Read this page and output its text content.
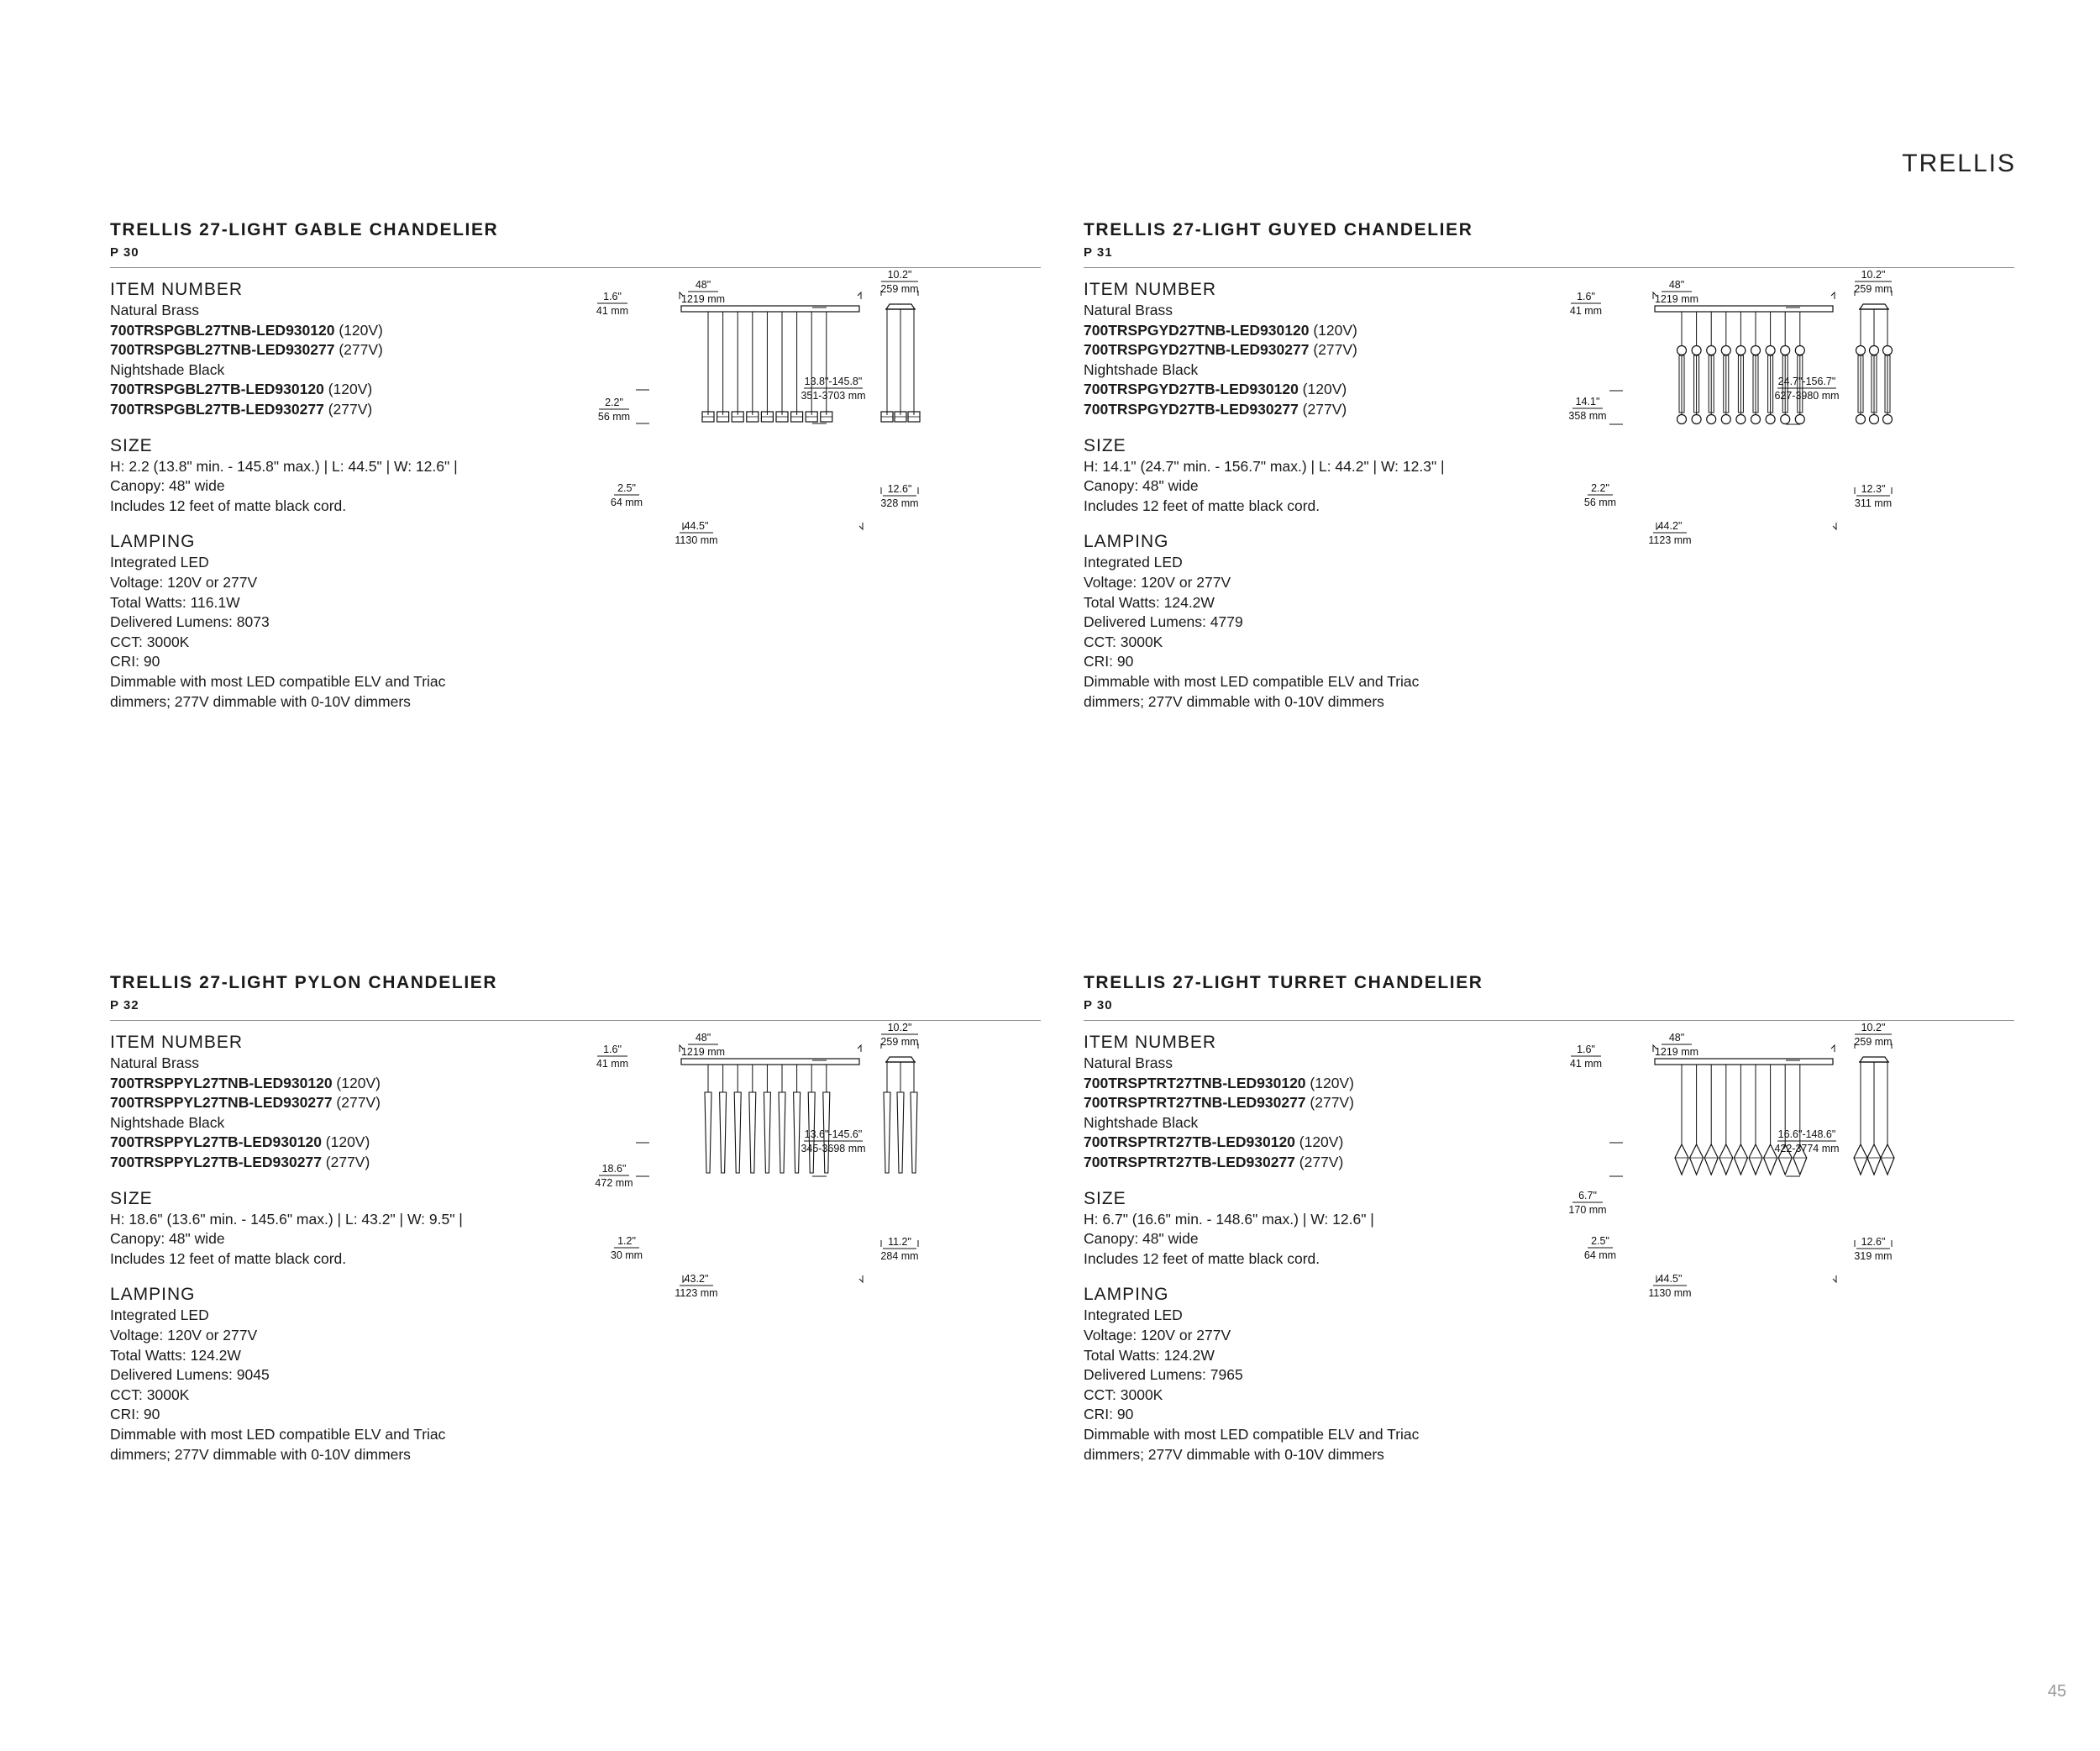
TRELLIS
45
TRELLIS 27-LIGHT GABLE CHANDELIER
P 30
ITEM NUMBER
Natural Brass
700TRSPGBL27TNB-LED930120 (120V)
700TRSPGBL27TNB-LED930277 (277V)
Nightshade Black
700TRSPGBL27TB-LED930120 (120V)
700TRSPGBL27TB-LED930277 (277V)
SIZE
H: 2.2 (13.8" min. - 145.8" max.) | L: 44.5" | W: 12.6" |
Canopy: 48" wide
Includes 12 feet of matte black cord.
LAMPING
Integrated LED
Voltage: 120V or 277V
Total Watts: 116.1W
Delivered Lumens: 8073
CCT: 3000K
CRI: 90
Dimmable with most LED compatible ELV and Triac
dimmers; 277V dimmable with 0-10V dimmers
48"
1219 mm
1.6"
41 mm
13.8"-145.8"
351-3703 mm
2.2"
56 mm
2.5"
64 mm
44.5"
1130 mm
10.2"
259 mm
12.6"
328 mm
TRELLIS 27-LIGHT GUYED CHANDELIER
P 31
ITEM NUMBER
Natural Brass
700TRSPGYD27TNB-LED930120 (120V)
700TRSPGYD27TNB-LED930277 (277V)
Nightshade Black
700TRSPGYD27TB-LED930120 (120V)
700TRSPGYD27TB-LED930277 (277V)
SIZE
H: 14.1" (24.7" min. - 156.7" max.) | L: 44.2" | W: 12.3" |
Canopy: 48" wide
Includes 12 feet of matte black cord.
LAMPING
Integrated LED
Voltage: 120V or 277V
Total Watts: 124.2W
Delivered Lumens: 4779
CCT: 3000K
CRI: 90
Dimmable with most LED compatible ELV and Triac
dimmers; 277V dimmable with 0-10V dimmers
48"
1219 mm
1.6"
41 mm
24.7"-156.7"
627-3980 mm
14.1"
358 mm
2.2"
56 mm
44.2"
1123 mm
10.2"
259 mm
12.3"
311 mm
TRELLIS 27-LIGHT PYLON CHANDELIER
P 32
ITEM NUMBER
Natural Brass
700TRSPPYL27TNB-LED930120 (120V)
700TRSPPYL27TNB-LED930277 (277V)
Nightshade Black
700TRSPPYL27TB-LED930120 (120V)
700TRSPPYL27TB-LED930277 (277V)
SIZE
H: 18.6" (13.6" min. - 145.6" max.) | L: 43.2" | W: 9.5" |
Canopy: 48" wide
Includes 12 feet of matte black cord.
LAMPING
Integrated LED
Voltage: 120V or 277V
Total Watts: 124.2W
Delivered Lumens: 9045
CCT: 3000K
CRI: 90
Dimmable with most LED compatible ELV and Triac
dimmers; 277V dimmable with 0-10V dimmers
48"
1219 mm
1.6"
41 mm
13.6"-145.6"
345-3698 mm
18.6"
472 mm
1.2"
30 mm
43.2"
1123 mm
10.2"
259 mm
11.2"
284 mm
TRELLIS 27-LIGHT TURRET CHANDELIER
P 30
ITEM NUMBER
Natural Brass
700TRSPTRT27TNB-LED930120 (120V)
700TRSPTRT27TNB-LED930277 (277V)
Nightshade Black
700TRSPTRT27TB-LED930120 (120V)
700TRSPTRT27TB-LED930277 (277V)
SIZE
H: 6.7" (16.6" min. - 148.6" max.) | W: 12.6" |
Canopy: 48" wide
Includes 12 feet of matte black cord.
LAMPING
Integrated LED
Voltage: 120V or 277V
Total Watts: 124.2W
Delivered Lumens: 7965
CCT: 3000K
CRI: 90
Dimmable with most LED compatible ELV and Triac
dimmers; 277V dimmable with 0-10V dimmers
48"
1219 mm
1.6"
41 mm
16.6"-148.6"
422-3774 mm
6.7"
170 mm
2.5"
64 mm
44.5"
1130 mm
10.2"
259 mm
12.6"
319 mm
